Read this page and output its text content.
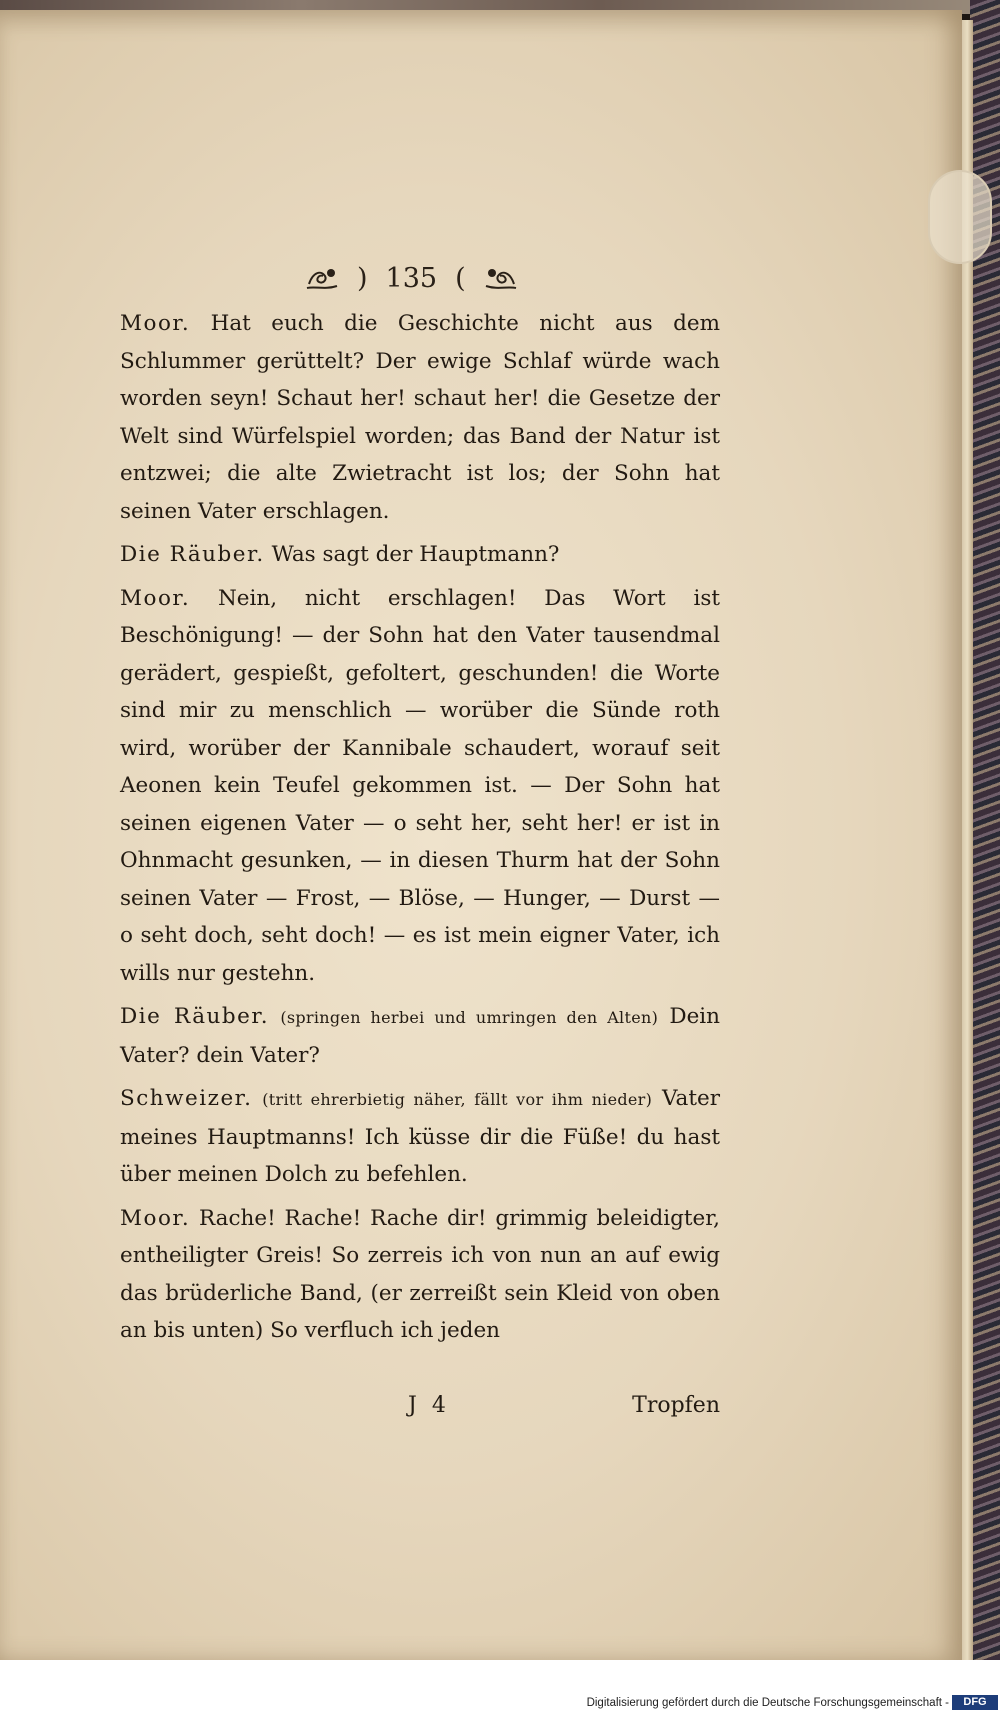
) 135 (

Moor. Hat euch die Geschichte nicht aus dem Schlummer gerüttelt? Der ewige Schlaf würde wach worden seyn! Schaut her! schaut her! die Gesetze der Welt sind Würfelspiel worden; das Band der Natur ist entzwei; die alte Zwietracht ist los; der Sohn hat seinen Vater erschlagen.

Die Räuber. Was sagt der Hauptmann?

Moor. Nein, nicht erschlagen! Das Wort ist Beschönigung! — der Sohn hat den Vater tausendmal gerädert, gespießt, gefoltert, geschunden! die Worte sind mir zu menschlich — worüber die Sünde roth wird, worüber der Kannibale schaudert, worauf seit Aeonen kein Teufel gekommen ist. — Der Sohn hat seinen eigenen Vater — o seht her, seht her! er ist in Ohnmacht gesunken, — in diesen Thurm hat der Sohn seinen Vater — Frost, — Blöse, — Hunger, — Durst — o seht doch, seht doch! — es ist mein eigner Vater, ich wills nur gestehn.

Die Räuber. (springen herbei und umringen den Alten) Dein Vater? dein Vater?

Schweizer. (tritt ehrerbietig näher, fällt vor ihm nieder) Vater meines Hauptmanns! Ich küsse dir die Füße! du hast über meinen Dolch zu befehlen.

Moor. Rache! Rache! Rache dir! grimmig beleidigter, entheiligter Greis! So zerreis ich von nun an auf ewig das brüderliche Band, (er zerreißt sein Kleid von oben an bis unten) So verfluch ich jeden

J 4	Tropfen
Digitalisierung gefördert durch die Deutsche Forschungsgemeinschaft -	DFG
